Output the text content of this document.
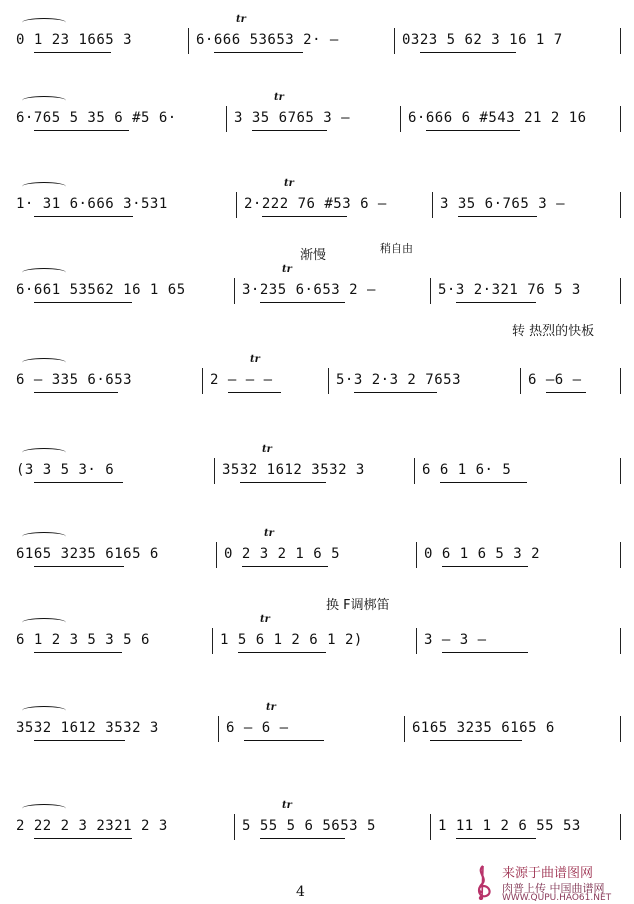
渐慢	稍自由
转 热烈的快板
换 F调梆笛
0 1 23 1665 3	6·666 53653 2· –	0323 5 62 3 16 1 7
tr
6·765 5 35 6 #5 6·	3 35 6765 3 –	6·666 6 #543 21 2 16
tr
1· 31 6·666 3·531	2·222 76 #53 6 –	3 35 6·765 3 –
tr
6·661 53562 16 1 65	3·235 6·653 2 –	5·3 2·321 76 5 3
tr
6 – 335 6·653	2 – – –	5·3 2·3 2 7653	6 –6 –
tr
(3 3 5 3· 6	3532 1612 3532 3	6 6 1 6· 5
tr
6165 3235 6165 6	0 2 3 2 1 6 5	0 6 1 6 5 3 2
tr
6 1 2 3 5 3 5 6	1 5 6 1 2 6 1 2)	3 – 3 –
tr
3532 1612 3532 3	6 – 6 –	6165 3235 6165 6
tr
2 22 2 3 2321 2 3	5 55 5 6 5653 5	1 11 1 2 6 55 53
tr
4
来源于曲谱图网
肉普上传 中国曲谱网
WWW.QUPU.HAO61.NET
